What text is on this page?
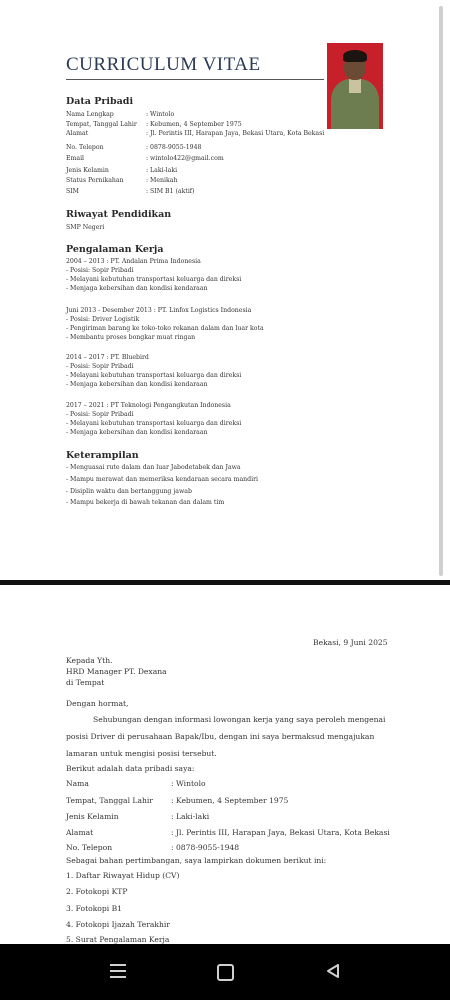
CURRICULUM VITAE
Data Pribadi
Nama Lengkap	: Wintolo
Tempat, Tanggal Lahir : Kebumen, 4 September 1975
Alamat	: Jl. Perintis III, Harapan Jaya, Bekasi Utara, Kota Bekasi
No. Telepon	: 0878-9055-1948
Email	: wintolo422@gmail.com
Jenis Kelamin	: Laki-laki
Status Pernikahan	: Menikah
SIM	: SIM B1 (aktif)
Riwayat Pendidikan
SMP Negeri
Pengalaman Kerja
2004 – 2013 : PT. Andalan Prima Indonesia
- Posisi: Sopir Pribadi
- Melayani kebutuhan transportasi keluarga dan direksi
- Menjaga kebersihan dan kondisi kendaraan
Juni 2013 - Desember 2013 : PT. Linfox Logistics Indonesia
- Posisi: Driver Logistik
- Pengiriman barang ke toko-toko rekanan dalam dan luar kota
- Membantu proses bongkar muat ringan
2014 – 2017 : PT. Bluebird
- Posisi: Sopir Pribadi
- Melayani kebutuhan transportasi keluarga dan direksi
- Menjaga kebersihan dan kondisi kendaraan
2017 – 2021 : PT Teknologi Pengangkutan Indonesia
- Posisi: Sopir Pribadi
- Melayani kebutuhan transportasi keluarga dan direksi
- Menjaga kebersihan dan kondisi kendaraan
Keterampilan
- Menguasai rute dalam dan luar Jabodetabek dan Jawa
- Mampu merawat dan memeriksa kendaraan secara mandiri
- Disiplin waktu dan bertanggung jawab
- Mampu bekerja di bawah tekanan dan dalam tim
Bekasi, 9 Juni 2025
Kepada Yth.
HRD Manager PT. Dexana
di Tempat
Dengan hormat,
Sehubungan dengan informasi lowongan kerja yang saya peroleh mengenai
posisi Driver di perusahaan Bapak/Ibu, dengan ini saya bermaksud mengajukan
lamaran untuk mengisi posisi tersebut.
Berikut adalah data pribadi saya:
Nama	: Wintolo
Tempat, Tanggal Lahir : Kebumen, 4 September 1975
Jenis Kelamin	: Laki-laki
Alamat	: Jl. Perintis III, Harapan Jaya, Bekasi Utara, Kota Bekasi
No. Telepon	: 0878-9055-1948
Sebagai bahan pertimbangan, saya lampirkan dokumen berikut ini:
1. Daftar Riwayat Hidup (CV)
2. Fotokopi KTP
3. Fotokopi B1
4. Fotokopi Ijazah Terakhir
5. Surat Pengalaman Kerja
